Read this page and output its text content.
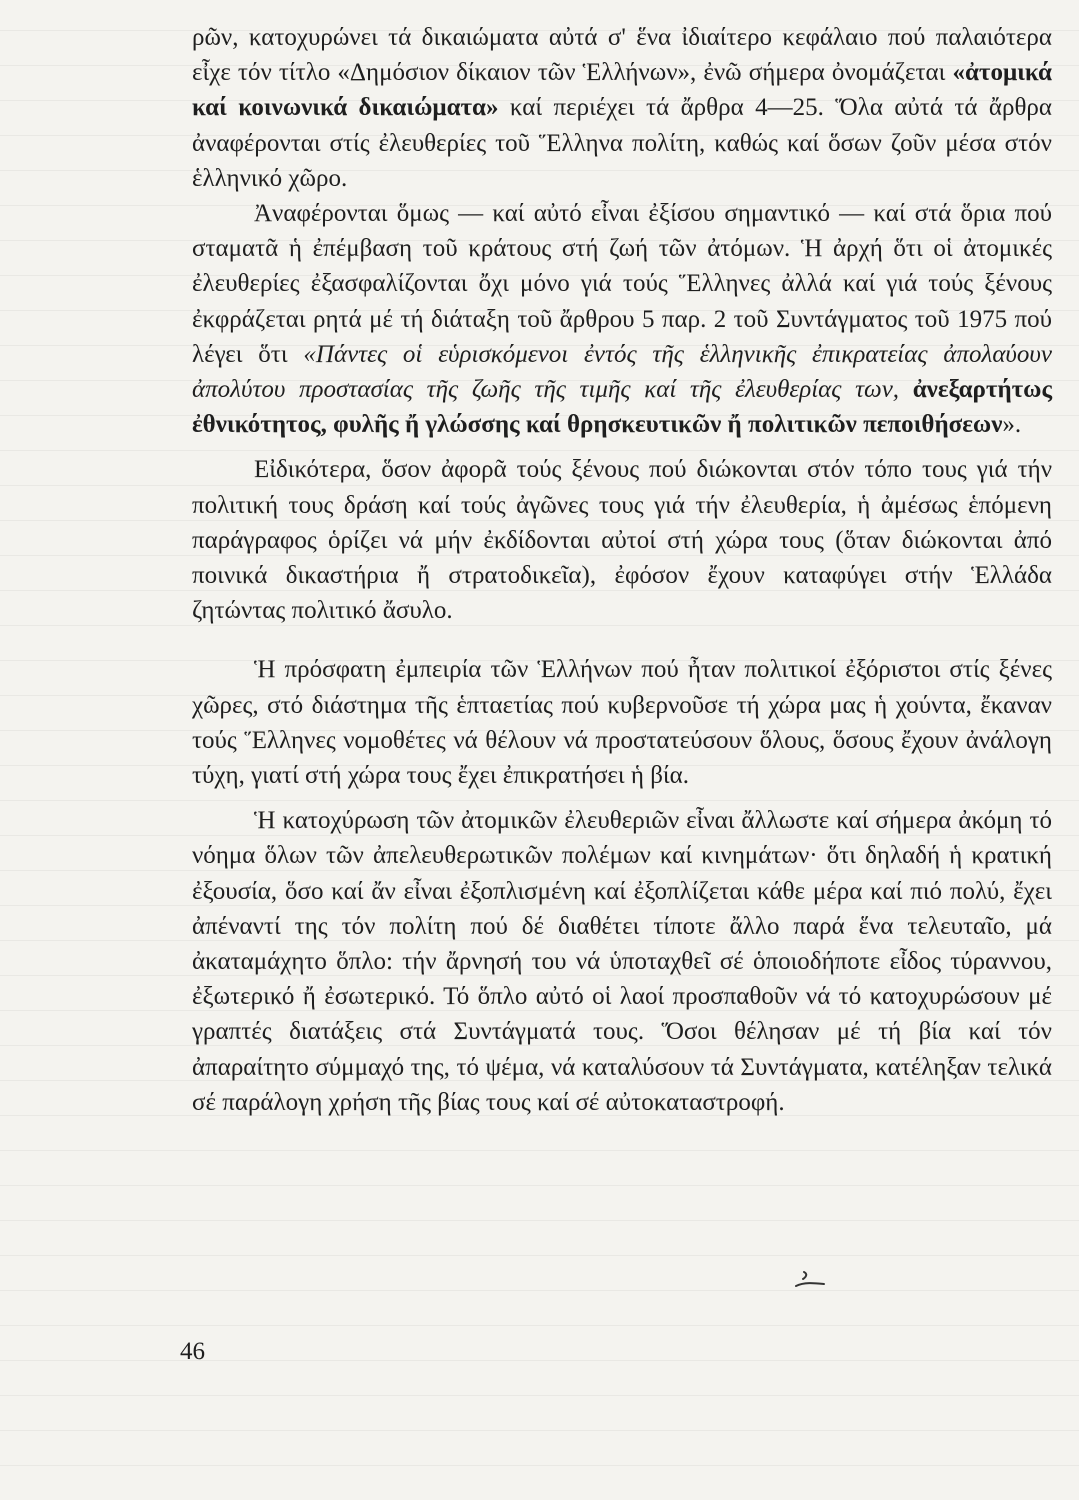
ρῶν, κατοχυρώνει τά δικαιώματα αὐτά σ' ἕνα ἰδιαίτερο κεφάλαιο πού παλαιότερα εἶχε τόν τίτλο «Δημόσιον δίκαιον τῶν Ἑλλήνων», ἐνῶ σήμερα ὀνομάζεται «ἀτομικά καί κοινωνικά δικαιώματα» καί περιέχει τά ἄρθρα 4—25. Ὅλα αὐτά τά ἄρθρα ἀναφέρονται στίς ἐλευθερίες τοῦ Ἕλληνα πολίτη, καθώς καί ὅσων ζοῦν μέσα στόν ἑλληνικό χῶρο.

Ἀναφέρονται ὅμως — καί αὐτό εἶναι ἐξίσου σημαντικό — καί στά ὅρια πού σταματᾶ ἡ ἐπέμβαση τοῦ κράτους στή ζωή τῶν ἀτόμων. Ἡ ἀρχή ὅτι οἱ ἀτομικές ἐλευθερίες ἐξασφαλίζονται ὄχι μόνο γιά τούς Ἕλληνες ἀλλά καί γιά τούς ξένους ἐκφράζεται ρητά μέ τή διάταξη τοῦ ἄρθρου 5 παρ. 2 τοῦ Συντάγματος τοῦ 1975 πού λέγει ὅτι «Πάντες οἱ εὑρισκόμενοι ἐντός τῆς ἑλληνικῆς ἐπικρατείας ἀπολαύουν ἀπολύτου προστασίας τῆς ζωῆς τῆς τιμῆς καί τῆς ἐλευθερίας των, ἀνεξαρτήτως ἐθνικότητος, φυλῆς ἤ γλώσσης καί θρησκευτικῶν ἤ πολιτικῶν πεποιθήσεων».

Εἰδικότερα, ὅσον ἀφορᾶ τούς ξένους πού διώκονται στόν τόπο τους γιά τήν πολιτική τους δράση καί τούς ἀγῶνες τους γιά τήν ἐλευθερία, ἡ ἀμέσως ἑπόμενη παράγραφος ὁρίζει νά μήν ἐκδίδονται αὐτοί στή χώρα τους (ὅταν διώκονται ἀπό ποινικά δικαστήρια ἤ στρατοδικεῖα), ἐφόσον ἔχουν καταφύγει στήν Ἑλλάδα ζητώντας πολιτικό ἄσυλο.

Ἡ πρόσφατη ἐμπειρία τῶν Ἑλλήνων πού ἦταν πολιτικοί ἐξόριστοι στίς ξένες χῶρες, στό διάστημα τῆς ἑπταετίας πού κυβερνοῦσε τή χώρα μας ἡ χούντα, ἔκαναν τούς Ἕλληνες νομοθέτες νά θέλουν νά προστατεύσουν ὅλους, ὅσους ἔχουν ἀνάλογη τύχη, γιατί στή χώρα τους ἔχει ἐπικρατήσει ἡ βία.

Ἡ κατοχύρωση τῶν ἀτομικῶν ἐλευθεριῶν εἶναι ἄλλωστε καί σήμερα ἀκόμη τό νόημα ὅλων τῶν ἀπελευθερωτικῶν πολέμων καί κινημάτων· ὅτι δηλαδή ἡ κρατική ἐξουσία, ὅσο καί ἄν εἶναι ἐξοπλισμένη καί ἐξοπλίζεται κάθε μέρα καί πιό πολύ, ἔχει ἀπέναντί της τόν πολίτη πού δέ διαθέτει τίποτε ἄλλο παρά ἕνα τελευταῖο, μά ἀκαταμάχητο ὅπλο: τήν ἄρνησή του νά ὑποταχθεῖ σέ ὁποιοδήποτε εἶδος τύραννου, ἐξωτερικό ἤ ἐσωτερικό. Τό ὅπλο αὐτό οἱ λαοί προσπαθοῦν νά τό κατοχυρώσουν μέ γραπτές διατάξεις στά Συντάγματά τους. Ὅσοι θέλησαν μέ τή βία καί τόν ἀπαραίτητο σύμμαχό της, τό ψέμα, νά καταλύσουν τά Συντάγματα, κατέληξαν τελικά σέ παράλογη χρήση τῆς βίας τους καί σέ αὐτοκαταστροφή.

46
